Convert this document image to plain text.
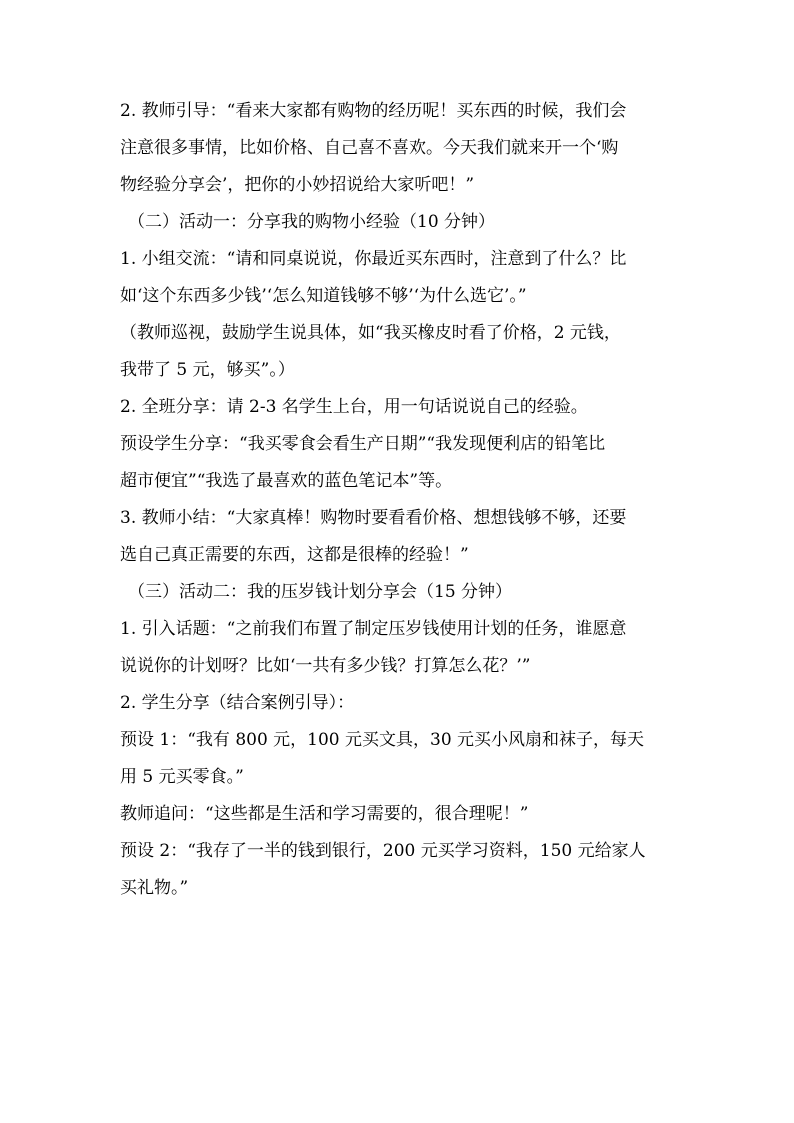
2. 教师引导：“看来大家都有购物的经历呢！买东西的时候，我们会

注意很多事情，比如价格、自己喜不喜欢。今天我们就来开一个‘购

物经验分享会’，把你的小妙招说给大家听吧！”

（二）活动一：分享我的购物小经验（10 分钟）

1. 小组交流：“请和同桌说说，你最近买东西时，注意到了什么？比

如‘这个东西多少钱’‘怎么知道钱够不够’‘为什么选它’。”

（教师巡视，鼓励学生说具体，如“我买橡皮时看了价格，2 元钱，

我带了 5 元，够买”。）

2. 全班分享：请 2-3 名学生上台，用一句话说说自己的经验。

预设学生分享：“我买零食会看生产日期”“我发现便利店的铅笔比

超市便宜”“我选了最喜欢的蓝色笔记本”等。

3. 教师小结：“大家真棒！购物时要看看价格、想想钱够不够，还要

选自己真正需要的东西，这都是很棒的经验！”

（三）活动二：我的压岁钱计划分享会（15 分钟）

1. 引入话题：“之前我们布置了制定压岁钱使用计划的任务，谁愿意

说说你的计划呀？比如‘一共有多少钱？打算怎么花？’”

2. 学生分享（结合案例引导）：

预设 1：“我有 800 元，100 元买文具，30 元买小风扇和袜子，每天

用 5 元买零食。”

教师追问：“这些都是生活和学习需要的，很合理呢！”

预设 2：“我存了一半的钱到银行，200 元买学习资料，150 元给家人

买礼物。”
